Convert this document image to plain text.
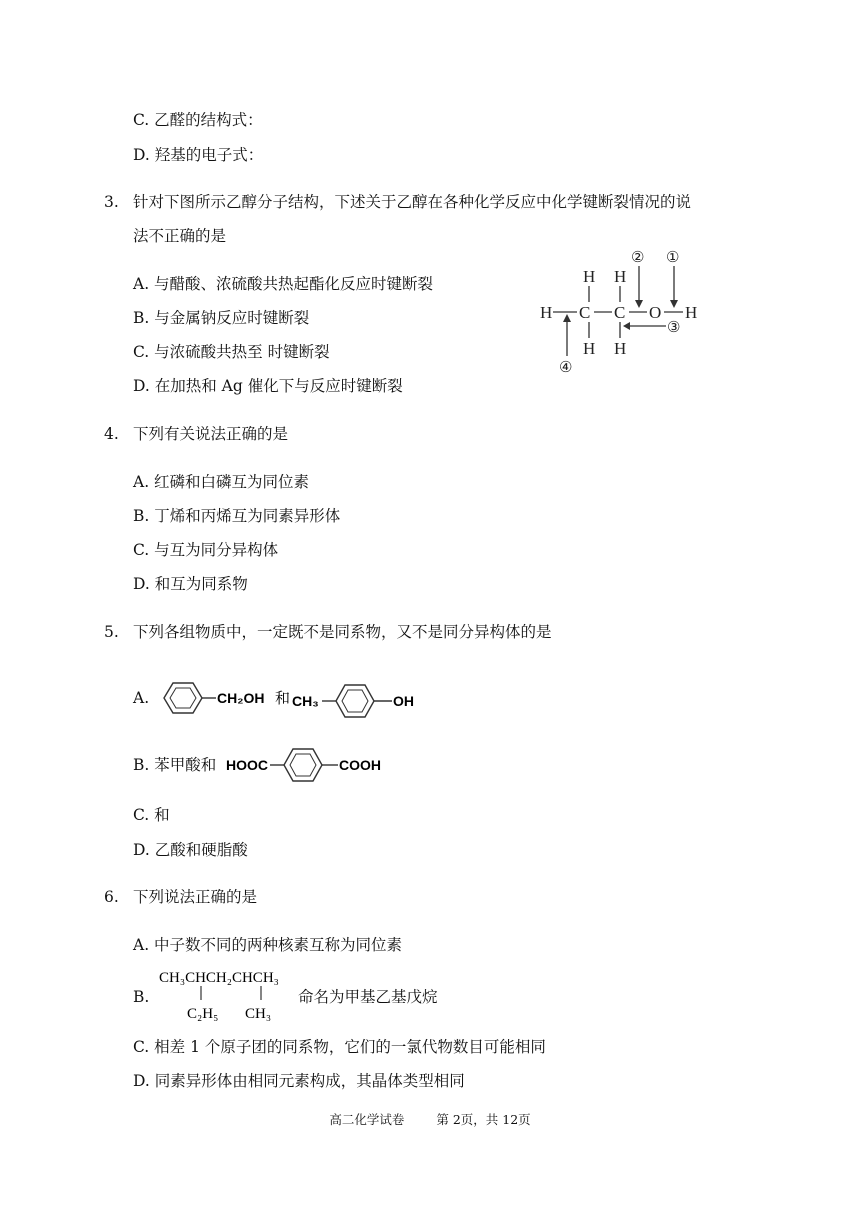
C. 乙醛的结构式：
D. 羟基的电子式：
3. 针对下图所示乙醇分子结构，下述关于乙醇在各种化学反应中化学键断裂情况的说
法不正确的是
A. 与醋酸、浓硫酸共热起酯化反应时键断裂
B. 与金属钠反应时键断裂
C. 与浓硫酸共热至 时键断裂
D. 在加热和 Ag 催化下与反应时键断裂
H H
H C C O H
H H
② ①
③
④
4. 下列有关说法正确的是
A. 红磷和白磷互为同位素
B. 丁烯和丙烯互为同素异形体
C. 与互为同分异构体
D. 和互为同系物
5. 下列各组物质中，一定既不是同系物，又不是同分异构体的是
A.	CH₂OH 和 CH₃	OH
B. 苯甲酸和 HOOC	COOH
C. 和
D. 乙酸和硬脂酸
6. 下列说法正确的是
A. 中子数不同的两种核素互称为同位素
B.
CH₃CHCH₂CHCH₃
C₂H₅ CH₃
命名为甲基乙基戊烷
C. 相差 1 个原子团的同系物，它们的一氯代物数目可能相同
D. 同素异形体由相同元素构成，其晶体类型相同
高二化学试卷	第 2页，共 12页
